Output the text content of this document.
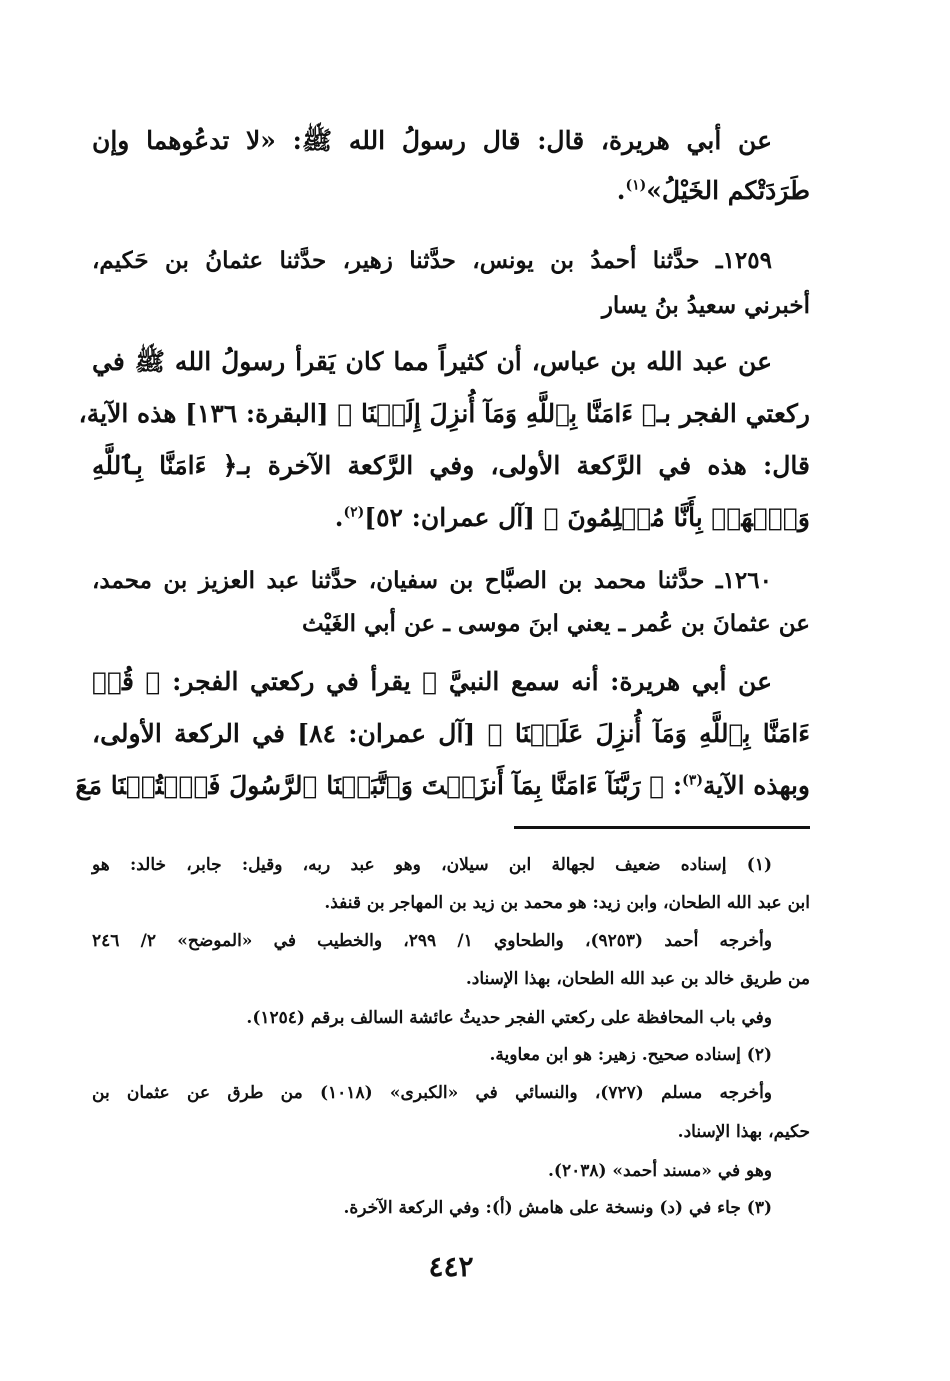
عن أبي هريرة، قال: قال رسولُ الله ﷺ: «لا تدعُوهما وإن
طَرَدَتْكم الخَيْلُ»$^{(١)}$.
١٢٥٩ـ حدَّثنا أحمدُ بن يونس، حدَّثنا زهير، حدَّثنا عثمانُ بن حَكيم،
أخبرني سعيدُ بنُ يسار
عن عبد الله بن عباس، أن كثيراً مما كان يَقرأ رسولُ الله ﷺ في
ركعتي الفجر بـ﴿ ءَامَنَّا بِٱللَّهِ وَمَآ أُنزِلَ إِلَيۡنَا ﴾ [البقرة: ١٣٦] هذه الآية،
قال: هذه في الرَّكعة الأولى، وفي الرَّكعة الآخرة بـ﴿ ءَامَنَّا بِٱللَّهِ
وَٱشۡهَدۡ بِأَنَّا مُسۡلِمُونَ ﴾ [آل عمران: ٥٢]$^{(٢)}$.
١٢٦٠ـ حدَّثنا محمد بن الصبَّاح بن سفيان، حدَّثنا عبد العزيز بن محمد،
عن عثمانَ بن عُمر ـ يعني ابنَ موسى ـ عن أبي الغَيْث
عن أبي هريرة: أنه سمع النبيَّ ﷺ يقرأ في ركعتي الفجر: ﴿ قُلۡ
ءَامَنَّا بِٱللَّهِ وَمَآ أُنزِلَ عَلَيۡنَا ﴾ [آل عمران: ٨٤] في الركعة الأولى،
وبهذه الآية$^{(٣)}$: ﴿ رَبَّنَآ ءَامَنَّا بِمَآ أَنزَلۡتَ وَٱتَّبَعۡنَا ٱلرَّسُولَ فَٱكۡتُبۡنَا مَعَ
(١) إسناده ضعيف لجهالة ابن سيلان، وهو عبد ربه، وقيل: جابر، خالد: هو
ابن عبد الله الطحان، وابن زيد: هو محمد بن زيد بن المهاجر بن قنفذ.
وأخرجه أحمد (٩٢٥٣)، والطحاوي ١/ ٢٩٩، والخطيب في «الموضح» ٢/ ٢٤٦
من طريق خالد بن عبد الله الطحان، بهذا الإسناد.
وفي باب المحافظة على ركعتي الفجر حديثُ عائشة السالف برقم (١٢٥٤).
(٢) إسناده صحيح. زهير: هو ابن معاوية.
وأخرجه مسلم (٧٢٧)، والنسائي في «الكبرى» (١٠١٨) من طرق عن عثمان بن
حكيم، بهذا الإسناد.
وهو في «مسند أحمد» (٢٠٣٨).
(٣) جاء في (د) ونسخة على هامش (أ): وفي الركعة الآخرة.
٤٤٢
